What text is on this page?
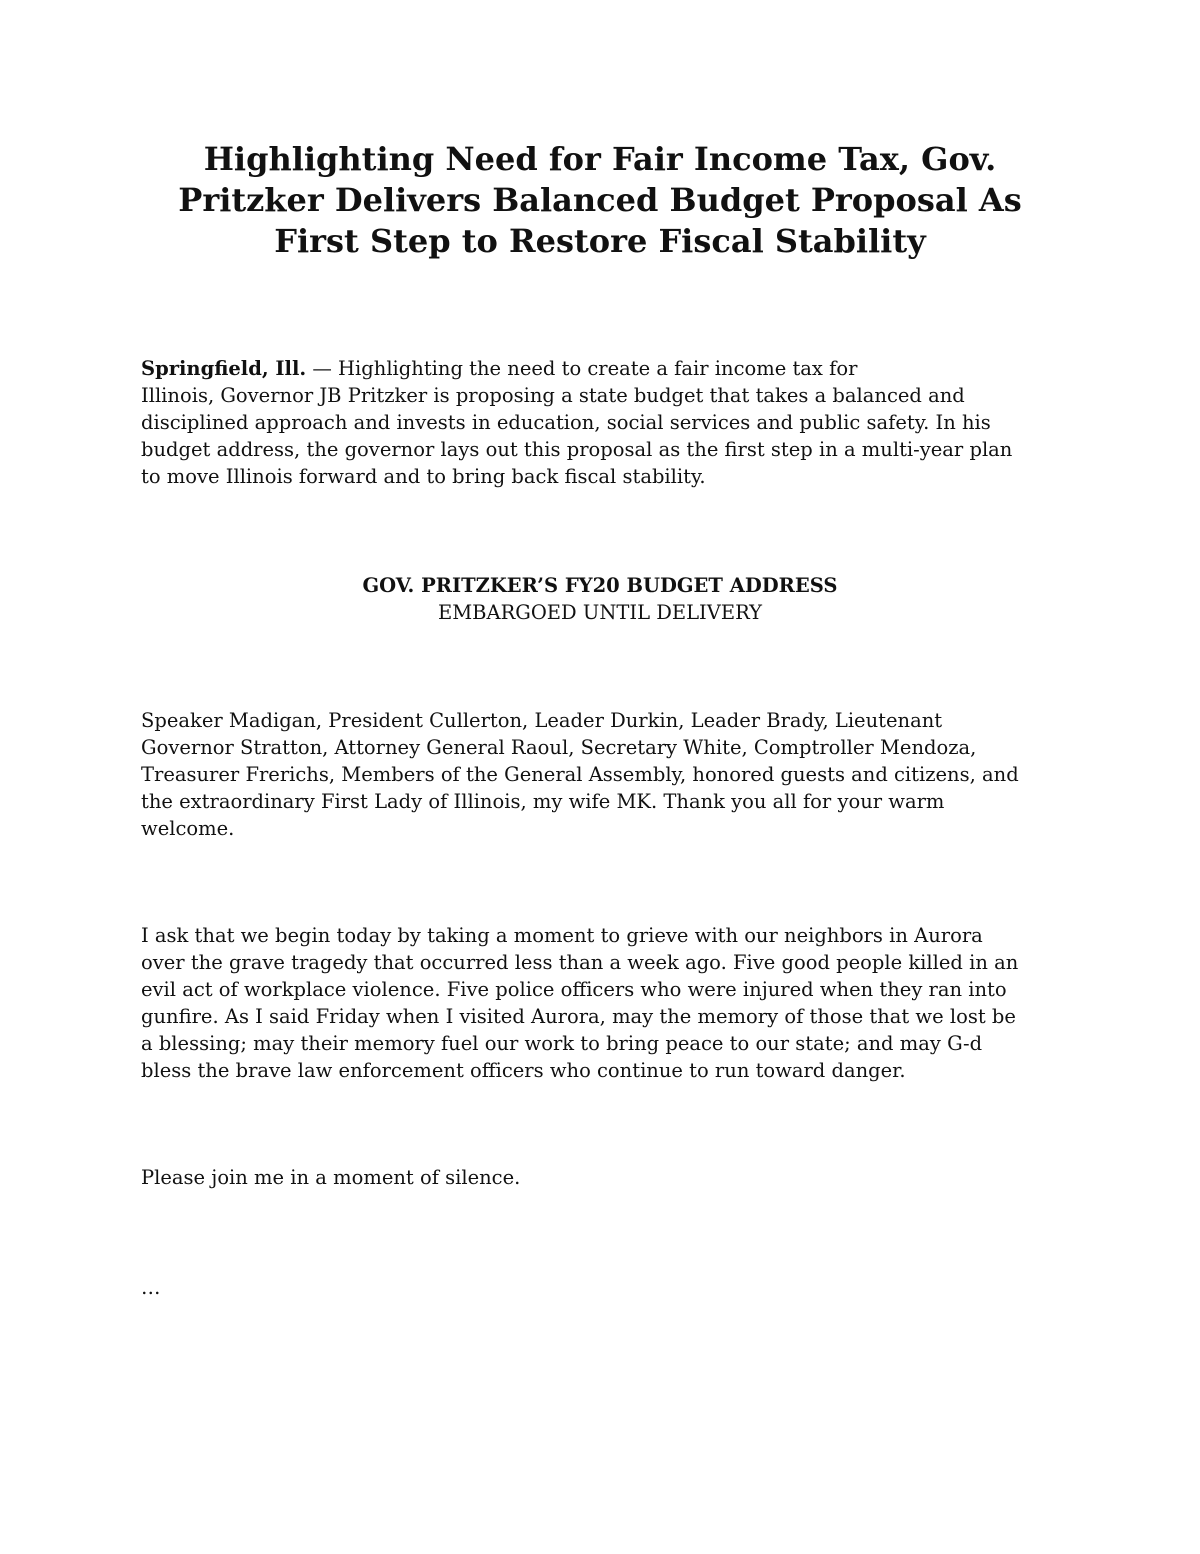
Highlighting Need for Fair Income Tax, Gov.
Pritzker Delivers Balanced Budget Proposal As
First Step to Restore Fiscal Stability
Springfield, Ill. — Highlighting the need to create a fair income tax for
Illinois, Governor JB Pritzker is proposing a state budget that takes a balanced and
disciplined approach and invests in education, social services and public safety. In his
budget address, the governor lays out this proposal as the first step in a multi-year plan
to move Illinois forward and to bring back fiscal stability.
GOV. PRITZKER’S FY20 BUDGET ADDRESS
EMBARGOED UNTIL DELIVERY
Speaker Madigan, President Cullerton, Leader Durkin, Leader Brady, Lieutenant
Governor Stratton, Attorney General Raoul, Secretary White, Comptroller Mendoza,
Treasurer Frerichs, Members of the General Assembly, honored guests and citizens, and
the extraordinary First Lady of Illinois, my wife MK. Thank you all for your warm
welcome.
I ask that we begin today by taking a moment to grieve with our neighbors in Aurora
over the grave tragedy that occurred less than a week ago. Five good people killed in an
evil act of workplace violence. Five police officers who were injured when they ran into
gunfire. As I said Friday when I visited Aurora, may the memory of those that we lost be
a blessing; may their memory fuel our work to bring peace to our state; and may G-d
bless the brave law enforcement officers who continue to run toward danger.
Please join me in a moment of silence.
…
